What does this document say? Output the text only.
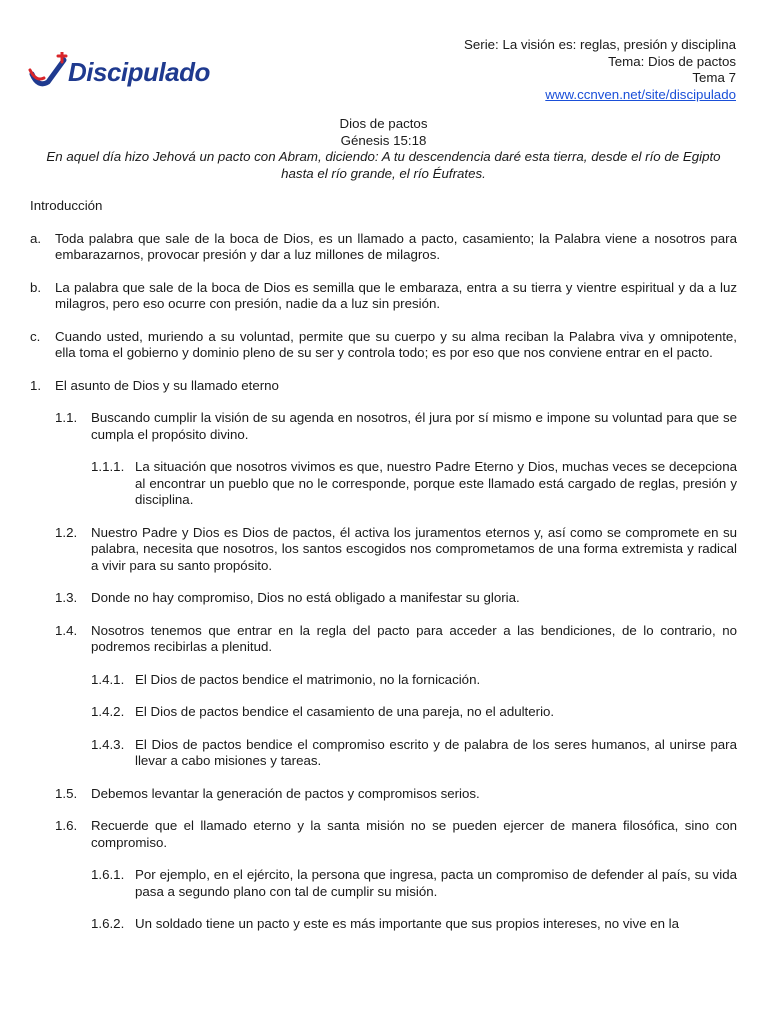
Discipulado
Serie: La visión es: reglas, presión y disciplina
Tema: Dios de pactos
Tema 7
www.ccnven.net/site/discipulado
Dios de pactos
Génesis 15:18
En aquel día hizo Jehová un pacto con Abram, diciendo: A tu descendencia daré esta tierra, desde el río de Egipto hasta el río grande, el río Éufrates.
Introducción
a.	Toda palabra que sale de la boca de Dios, es un llamado a pacto, casamiento; la Palabra viene a nosotros para embarazarnos, provocar presión y dar a luz millones de milagros.
b.	La palabra que sale de la boca de Dios es semilla que le embaraza, entra a su tierra y vientre espiritual y da a luz milagros, pero eso ocurre con presión, nadie da a luz sin presión.
c.	Cuando usted, muriendo a su voluntad, permite que su cuerpo y su alma reciban la Palabra viva y omnipotente, ella toma el gobierno y dominio pleno de su ser y controla todo; es por eso que nos conviene entrar en el pacto.
1.	El asunto de Dios y su llamado eterno
1.1.	Buscando cumplir la visión de su agenda en nosotros, él jura por sí mismo e impone su voluntad para que se cumpla el propósito divino.
1.1.1. La situación que nosotros vivimos es que, nuestro Padre Eterno y Dios, muchas veces se decepciona al encontrar un pueblo que no le corresponde, porque este llamado está cargado de reglas, presión y disciplina.
1.2.	Nuestro Padre y Dios es Dios de pactos, él activa los juramentos eternos y, así como se compromete en su palabra, necesita que nosotros, los santos escogidos nos comprometamos de una forma extremista y radical a vivir para su santo propósito.
1.3.	Donde no hay compromiso, Dios no está obligado a manifestar su gloria.
1.4.	Nosotros tenemos que entrar en la regla del pacto para acceder a las bendiciones, de lo contrario, no podremos recibirlas a plenitud.
1.4.1. El Dios de pactos bendice el matrimonio, no la fornicación.
1.4.2. El Dios de pactos bendice el casamiento de una pareja, no el adulterio.
1.4.3. El Dios de pactos bendice el compromiso escrito y de palabra de los seres humanos, al unirse para llevar a cabo misiones y tareas.
1.5.	Debemos levantar la generación de pactos y compromisos serios.
1.6.	Recuerde que el llamado eterno y la santa misión no se pueden ejercer de manera filosófica, sino con compromiso.
1.6.1. Por ejemplo, en el ejército, la persona que ingresa, pacta un compromiso de defender al país, su vida pasa a segundo plano con tal de cumplir su misión.
1.6.2. Un soldado tiene un pacto y este es más importante que sus propios intereses, no vive en la
